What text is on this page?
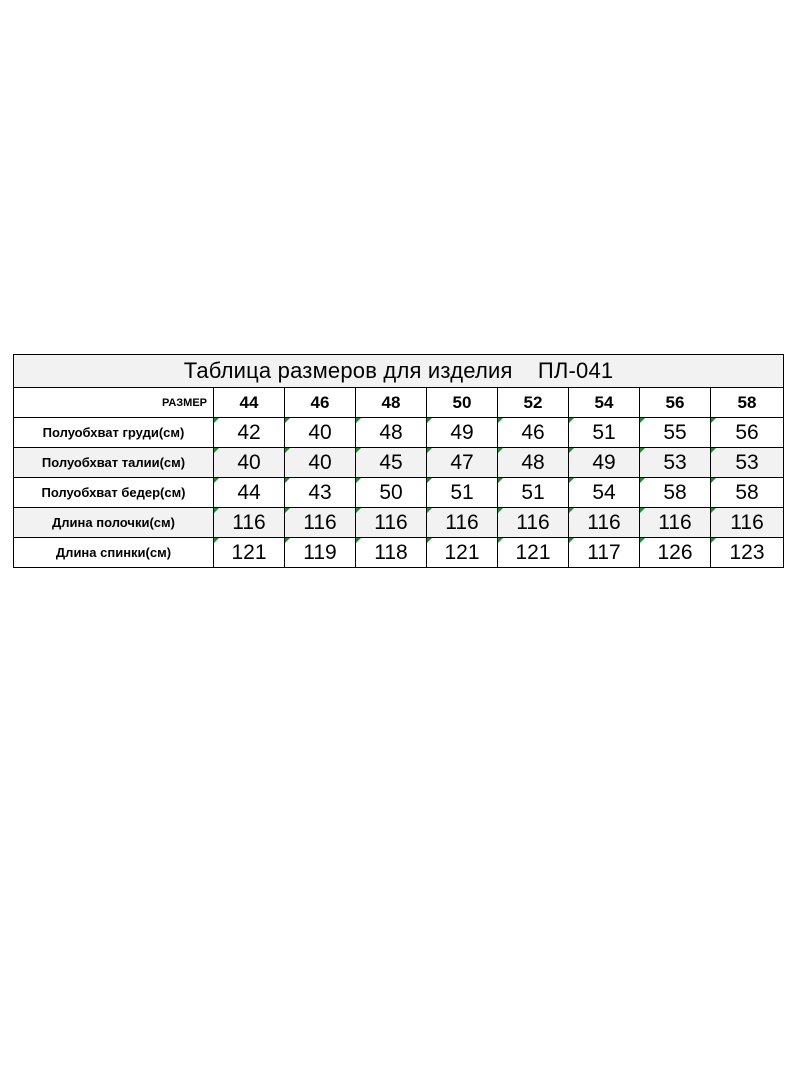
Таблица размеров для изделия    ПЛ-041								
РАЗМЕР	44	46	48	50	52	54	56	58
Полуобхват груди(см)	42	40	48	49	46	51	55	56
Полуобхват талии(см)	40	40	45	47	48	49	53	53
Полуобхват бедер(см)	44	43	50	51	51	54	58	58
Длина полочки(см)	116	116	116	116	116	116	116	116
Длина спинки(см)	121	119	118	121	121	117	126	123
